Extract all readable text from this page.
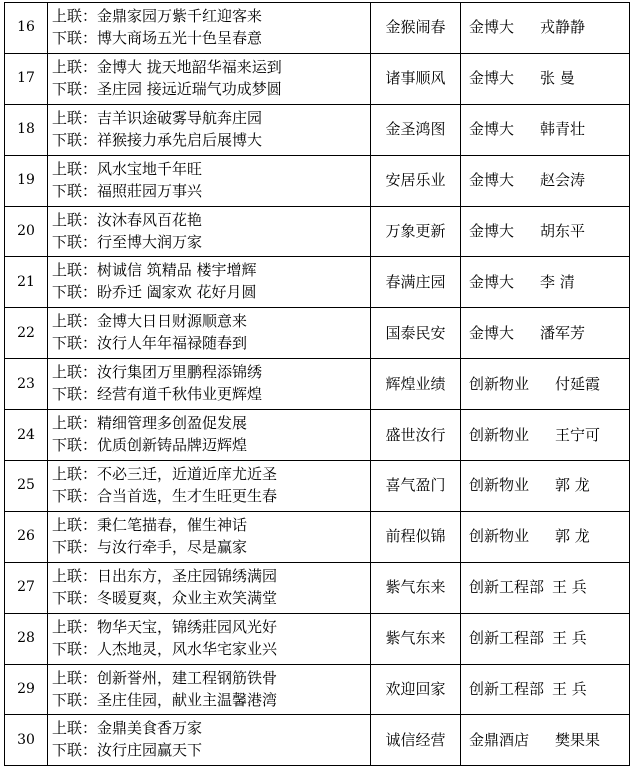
16	上联：金鼎家园万紫千红迎客来
下联：博大商场五光十色呈春意	金猴闹春	金博大 戎静静
17	上联：金博大 拢天地韶华福来运到
下联：圣庄园 接远近瑞气功成梦圆	诸事顺风	金博大 张 曼
18	上联：吉羊识途破雾导航奔庄园
下联：祥猴接力承先启后展博大	金圣鸿图	金博大 韩青壮
19	上联：风水宝地千年旺
下联：福照莊园万事兴	安居乐业	金博大 赵会涛
20	上联：汝沐春风百花艳
下联：行至博大润万家	万象更新	金博大 胡东平
21	上联：树诚信 筑精品 楼宇增辉
下联：盼乔迁 阖家欢 花好月圆	春满庄园	金博大 李 清
22	上联：金博大日日财源顺意来
下联：汝行人年年福禄随春到	国泰民安	金博大 潘军芳
23	上联：汝行集团万里鹏程添锦绣
下联：经营有道千秋伟业更辉煌	辉煌业绩	创新物业 付延霞
24	上联：精细管理多创盈促发展
下联：优质创新铸品牌迈辉煌	盛世汝行	创新物业 王宁可
25	上联：不必三迁，近道近庠尤近圣
下联：合当首选，生才生旺更生春	喜气盈门	创新物业 郭 龙
26	上联：秉仁笔描春，催生神话
下联：与汝行牵手，尽是赢家	前程似锦	创新物业 郭 龙
27	上联：日出东方，圣庄园锦绣满园
下联：冬暖夏爽，众业主欢笑满堂	紫气东来	创新工程部 王 兵
28	上联：物华天宝，锦绣莊园风光好
下联：人杰地灵，风水华宅家业兴	紫气东来	创新工程部 王 兵
29	上联：创新誉州，建工程钢筋铁骨
下联：圣庄佳园，献业主温馨港湾	欢迎回家	创新工程部 王 兵
30	上联：金鼎美食香万家
下联：汝行庄园赢天下	诚信经营	金鼎酒店 樊果果
